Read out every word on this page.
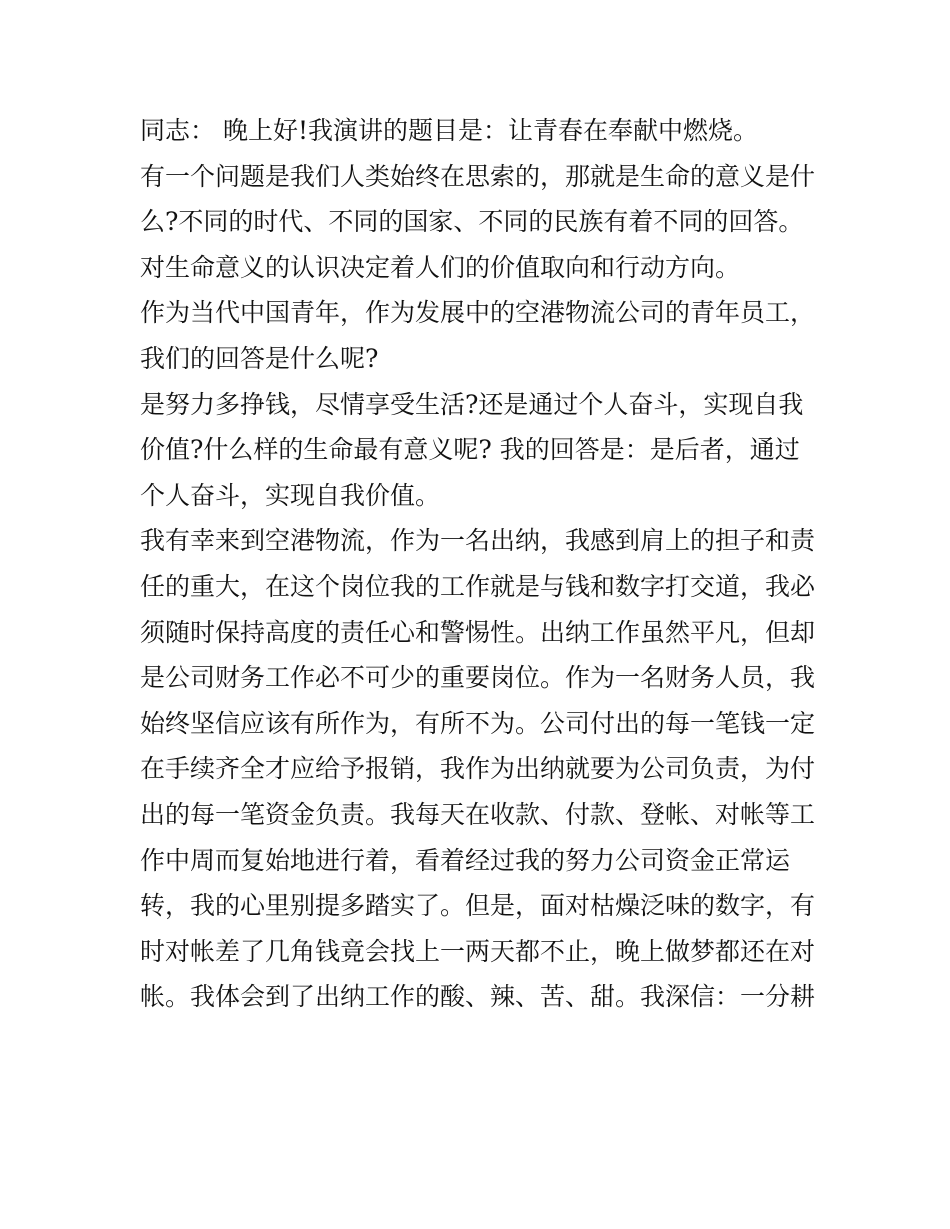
同志： 晚上好!我演讲的题目是：让青春在奉献中燃烧。
有一个问题是我们人类始终在思索的，那就是生命的意义是什
么?不同的时代、不同的国家、不同的民族有着不同的回答。
对生命意义的认识决定着人们的价值取向和行动方向。
作为当代中国青年，作为发展中的空港物流公司的青年员工，
我们的回答是什么呢?
是努力多挣钱，尽情享受生活?还是通过个人奋斗，实现自我
价值?什么样的生命最有意义呢? 我的回答是：是后者，通过
个人奋斗，实现自我价值。
我有幸来到空港物流，作为一名出纳，我感到肩上的担子和责
任的重大，在这个岗位我的工作就是与钱和数字打交道，我必
须随时保持高度的责任心和警惕性。出纳工作虽然平凡，但却
是公司财务工作必不可少的重要岗位。作为一名财务人员，我
始终坚信应该有所作为，有所不为。公司付出的每一笔钱一定
在手续齐全才应给予报销，我作为出纳就要为公司负责，为付
出的每一笔资金负责。我每天在收款、付款、登帐、对帐等工
作中周而复始地进行着，看着经过我的努力公司资金正常运
转，我的心里别提多踏实了。但是，面对枯燥泛味的数字，有
时对帐差了几角钱竟会找上一两天都不止，晚上做梦都还在对
帐。我体会到了出纳工作的酸、辣、苦、甜。我深信：一分耕
